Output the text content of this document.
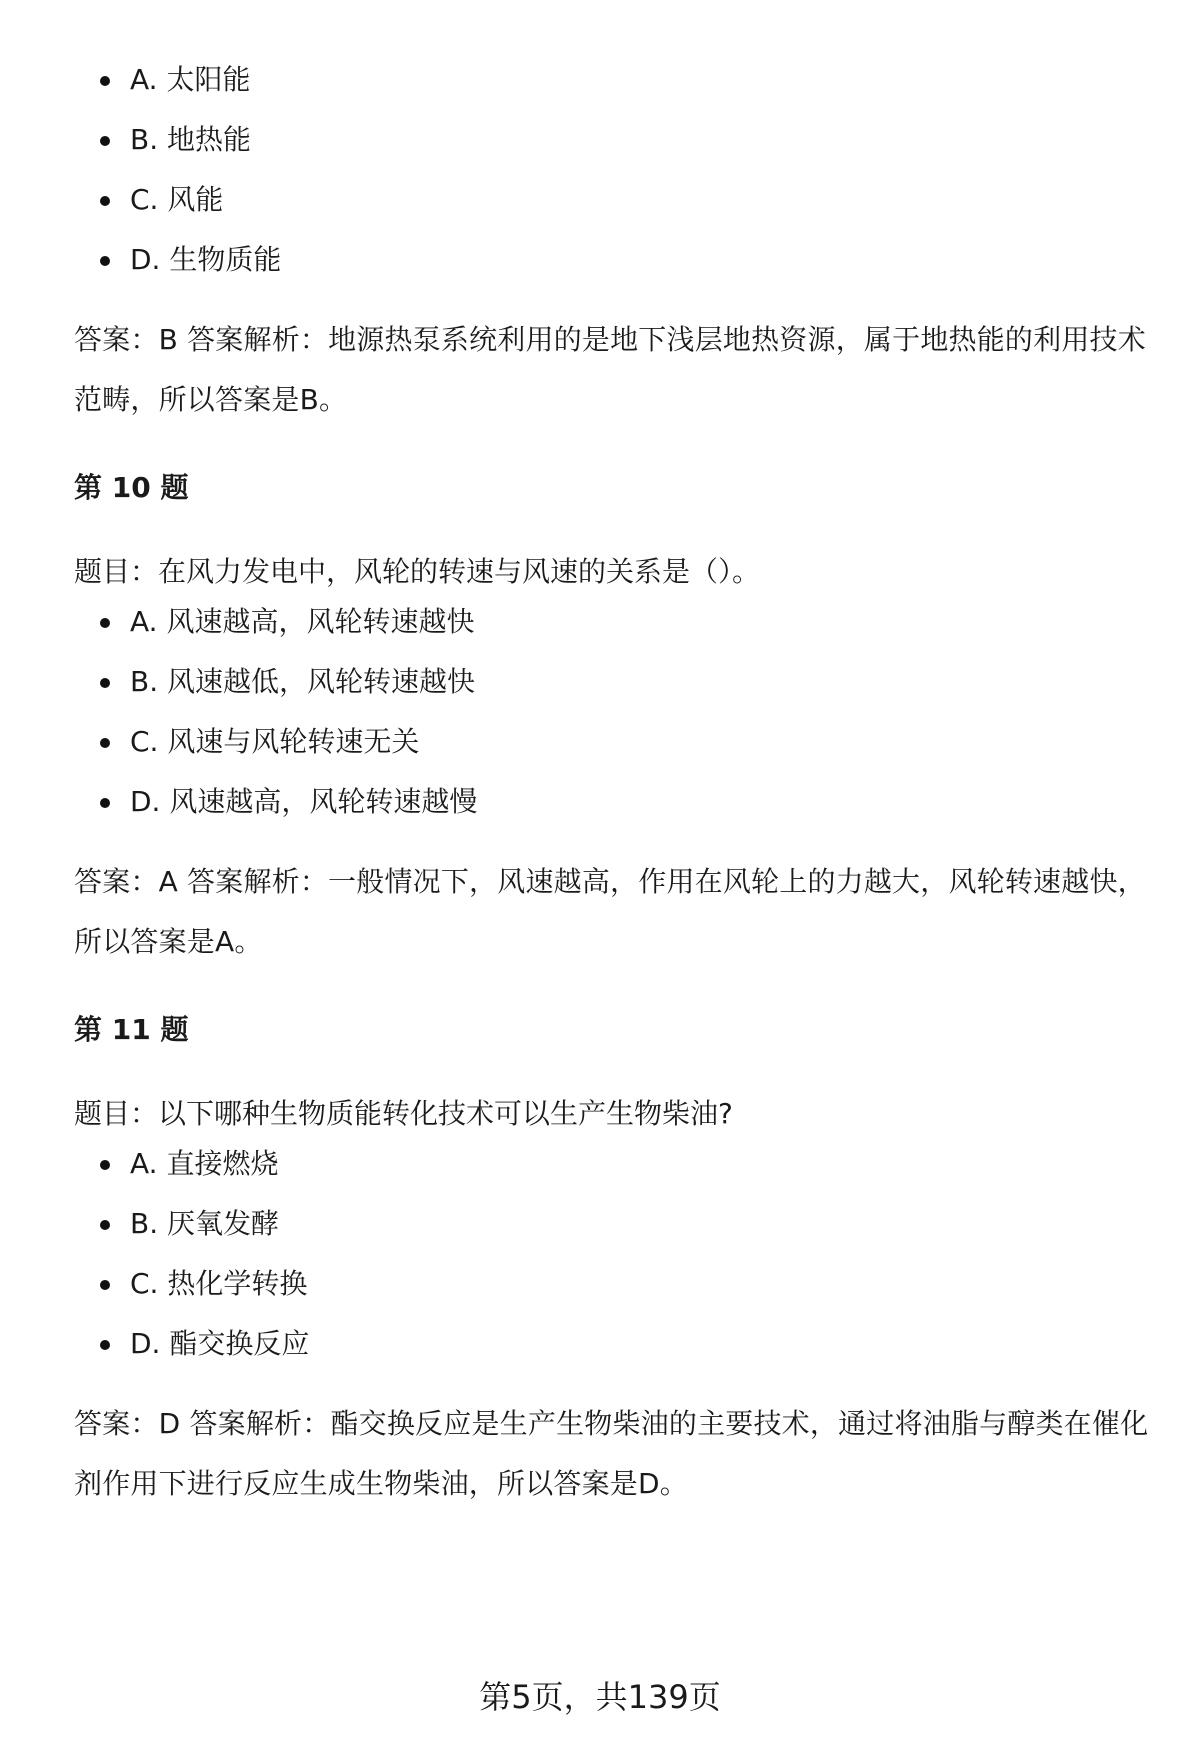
A. 太阳能
B. 地热能
C. 风能
D. 生物质能

答案：B 答案解析：地源热泵系统利用的是地下浅层地热资源，属于地热能的利用技术范畴，所以答案是B。

第 10 题

题目：在风力发电中，风轮的转速与风速的关系是（）。

A. 风速越高，风轮转速越快
B. 风速越低，风轮转速越快
C. 风速与风轮转速无关
D. 风速越高，风轮转速越慢

答案：A 答案解析：一般情况下，风速越高，作用在风轮上的力越大，风轮转速越快，所以答案是A。

第 11 题

题目：以下哪种生物质能转化技术可以生产生物柴油?

A. 直接燃烧
B. 厌氧发酵
C. 热化学转换
D. 酯交换反应

答案：D 答案解析：酯交换反应是生产生物柴油的主要技术，通过将油脂与醇类在催化剂作用下进行反应生成生物柴油，所以答案是D。

第5页，共139页
